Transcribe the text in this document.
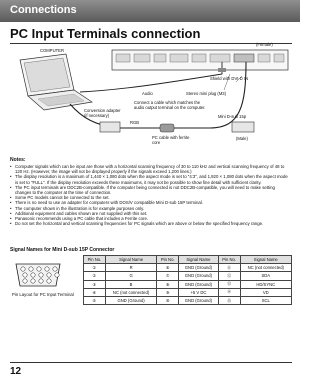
Connections
PC Input Terminals connection
COMPUTER
(Female)
Shield with DVI-D IN
Audio	Stereo mini plug (M3)
Connect a cable which matches the audio output terminal on the computer.
Conversion adapter (if necessary)
RGB
Mini D-sub 15p
(Male)
PC cable with ferrite core
Notes:
• Computer signals which can be input are those with a horizontal scanning frequency of 30 to 110 kHz and vertical scanning frequency of 48 to 120 Hz. (However, the image will not be displayed properly if the signals exceed 1,200 lines.)
• The display resolution is a maximum of 1,440 × 1,080 dots when the aspect mode is set to "4:3", and 1,920 × 1,080 dots when the aspect mode is set to "FULL". If the display resolution exceeds these maximums, it may not be possible to show fine detail with sufficient clarity.
• The PC input terminals are DDC2B-compatible. If the computer being connected is not DDC2B-compatible, you will need to make setting changes to the computer at the time of connection.
• Some PC models cannot be connected to the set.
• There is no need to use an adapter for computers with DOS/V compatible Mini D-sub 15P terminal.
• The computer shown in the illustration is for example purposes only.
• Additional equipment and cables shown are not supplied with this set.
• Panasonic recommends using a PC cable that includes a Ferrite core.
• Do not set the horizontal and vertical scanning frequencies for PC signals which are above or below the specified frequency range.
Signal Names for Mini D-sub 15P Connector
Pin Layout for PC Input Terminal
Pin No.	Signal Name	Pin No.	Signal Name	Pin No.	Signal Name
①	R	⑥	GND (Ground)	⑪	NC (not connected)
②	G	⑦	GND (Ground)	⑫	SDA
③	B	⑧	GND (Ground)	⑬	HD/SYNC
④	NC (not connected)	⑨	+5 V DC	⑭	VD
⑤	GND (Ground)	⑩	GND (Ground)	⑮	SCL
12
